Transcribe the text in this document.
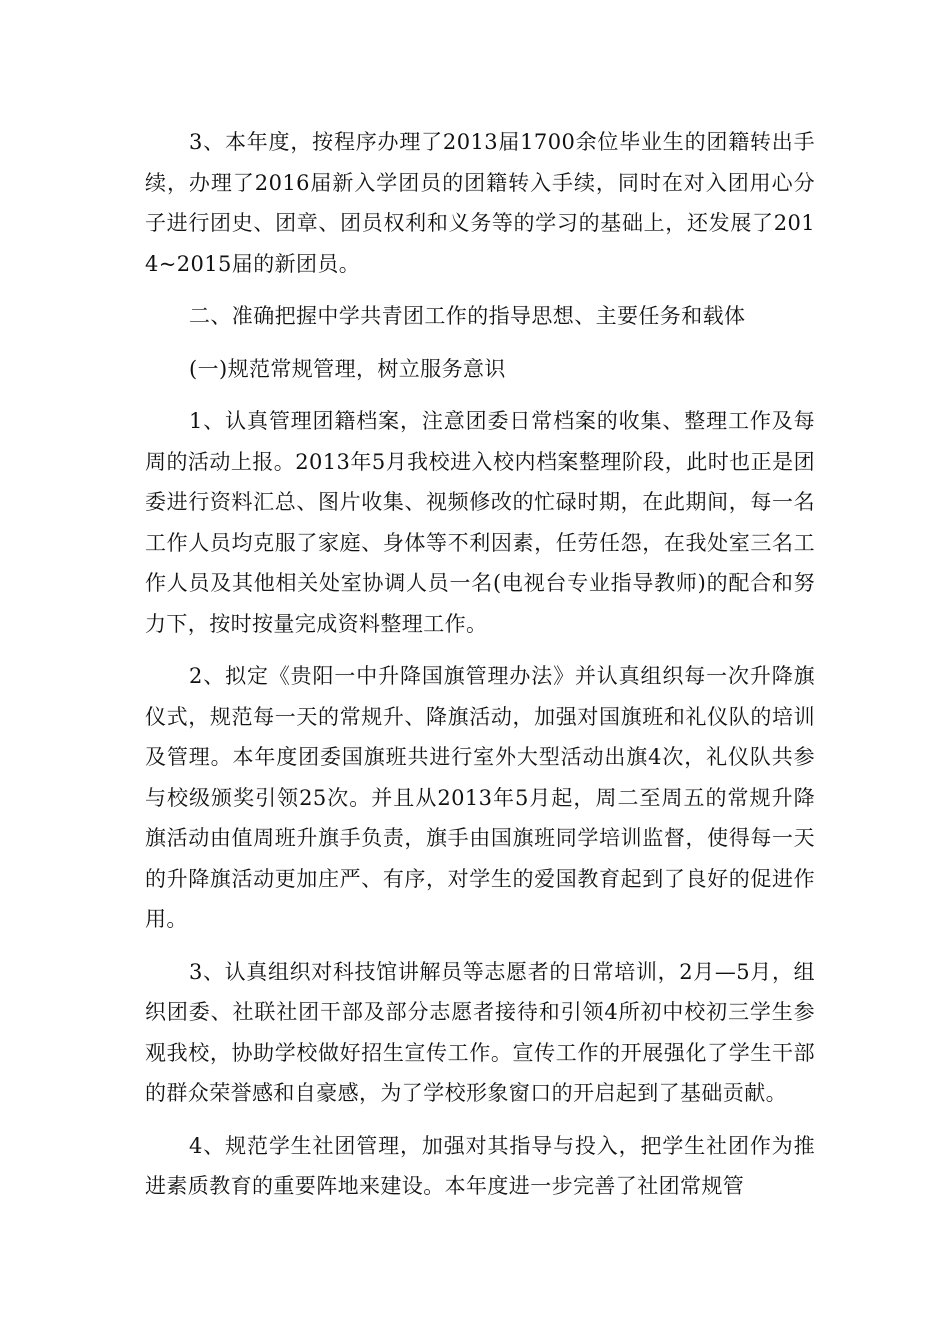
3、本年度，按程序办理了2013届1700余位毕业生的团籍转出手续，办理了2016届新入学团员的团籍转入手续，同时在对入团用心分子进行团史、团章、团员权利和义务等的学习的基础上，还发展了2014~2015届的新团员。

二、准确把握中学共青团工作的指导思想、主要任务和载体

(一)规范常规管理，树立服务意识

1、认真管理团籍档案，注意团委日常档案的收集、整理工作及每周的活动上报。2013年5月我校进入校内档案整理阶段，此时也正是团委进行资料汇总、图片收集、视频修改的忙碌时期，在此期间，每一名工作人员均克服了家庭、身体等不利因素，任劳任怨，在我处室三名工作人员及其他相关处室协调人员一名(电视台专业指导教师)的配合和努力下，按时按量完成资料整理工作。

2、拟定《贵阳一中升降国旗管理办法》并认真组织每一次升降旗仪式，规范每一天的常规升、降旗活动，加强对国旗班和礼仪队的培训及管理。本年度团委国旗班共进行室外大型活动出旗4次，礼仪队共参与校级颁奖引领25次。并且从2013年5月起，周二至周五的常规升降旗活动由值周班升旗手负责，旗手由国旗班同学培训监督，使得每一天的升降旗活动更加庄严、有序，对学生的爱国教育起到了良好的促进作用。

3、认真组织对科技馆讲解员等志愿者的日常培训，2月—5月，组织团委、社联社团干部及部分志愿者接待和引领4所初中校初三学生参观我校，协助学校做好招生宣传工作。宣传工作的开展强化了学生干部的群众荣誉感和自豪感，为了学校形象窗口的开启起到了基础贡献。

4、规范学生社团管理，加强对其指导与投入，把学生社团作为推进素质教育的重要阵地来建设。本年度进一步完善了社团常规管
